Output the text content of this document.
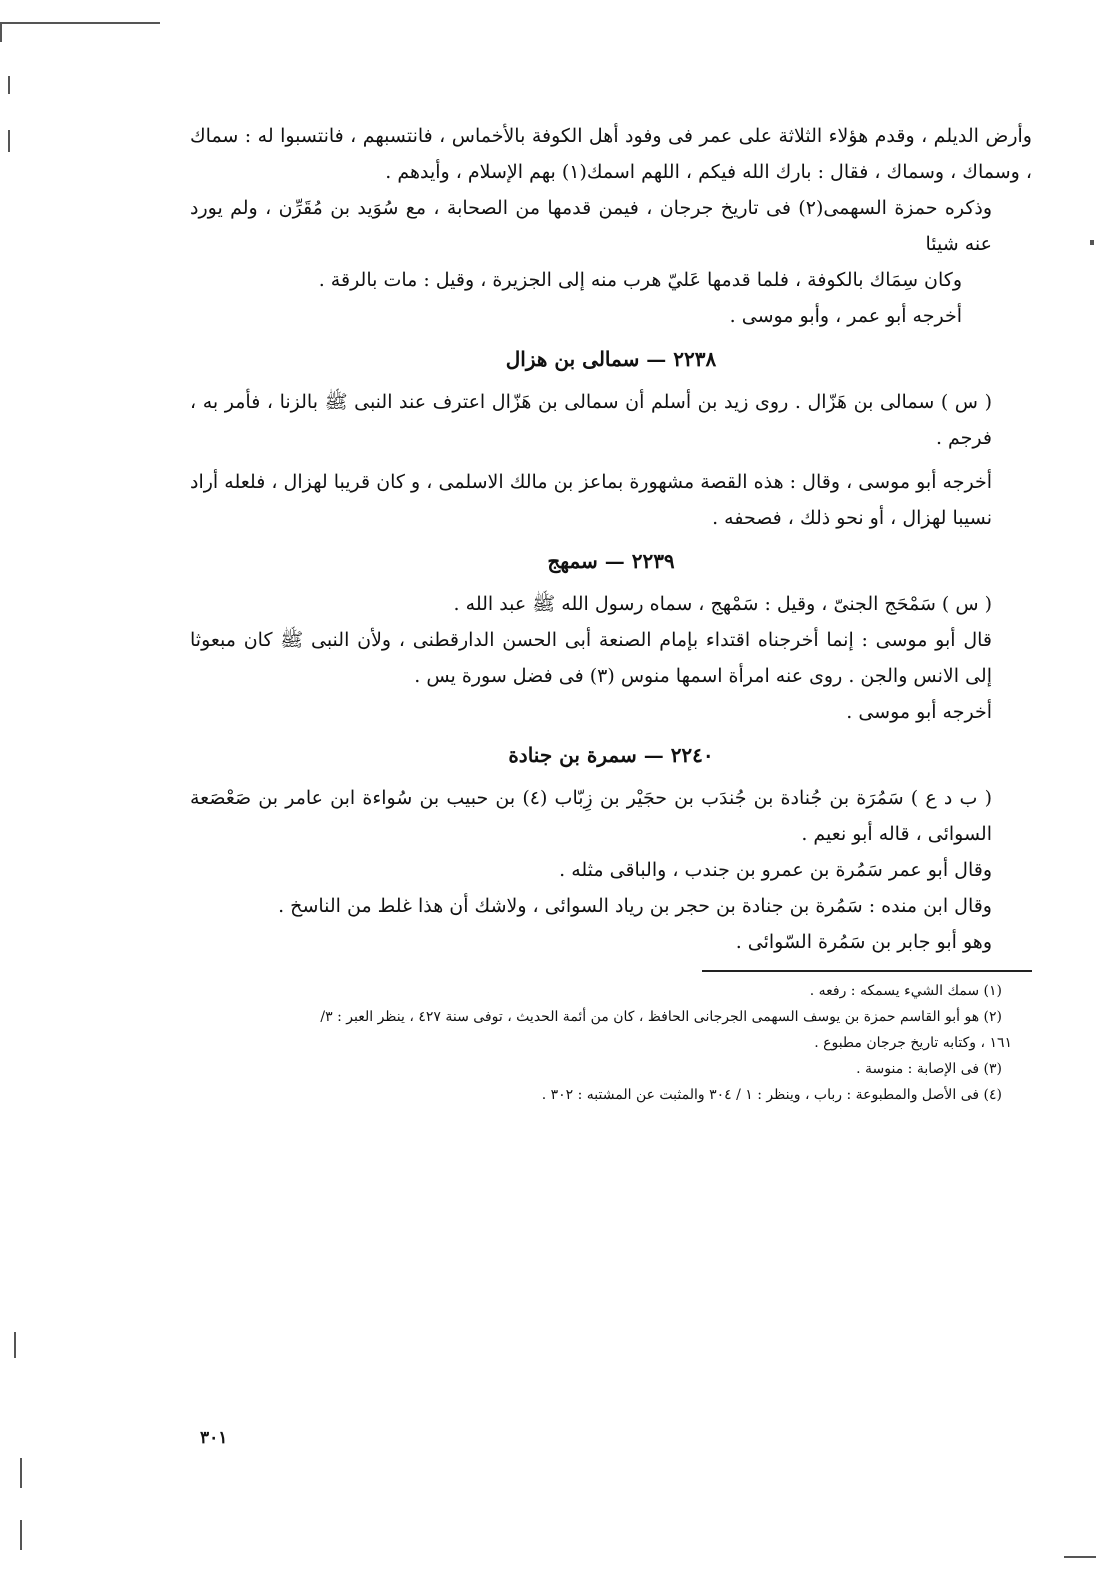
وأرض الديلم ، وقدم هؤلاء الثلاثة على عمر فى وفود أهل الكوفة بالأخماس ، فانتسبهم ، فانتسبوا له : سماك ، وسماك ، وسماك ، فقال : بارك الله فيكم ، اللهم اسمك(١) بهم الإسلام ، وأيدهم .

وذكره حمزة السهمى(٢) فى تاريخ جرجان ، فيمن قدمها من الصحابة ، مع سُوَيد بن مُقَرِّن ، ولم يورد عنه شيئا

وكان سِمَاك بالكوفة ، فلما قدمها عَليّ هرب منه إلى الجزيرة ، وقيل : مات بالرقة .

أخرجه أبو عمر ، وأبو موسى .

٢٢٣٨ — سمالى بن هزال

( س ) سمالى بن هَزّال . روى زيد بن أسلم أن سمالى بن هَزّال اعترف عند النبى ﷺ بالزنا ، فأمر به ، فرجم .

أخرجه أبو موسى ، وقال : هذه القصة مشهورة بماعز بن مالك الاسلمى ، و كان قريبا لهزال ، فلعله أراد نسيبا لهزال ، أو نحو ذلك ، فصحفه .

٢٢٣٩ — سمهج

( س ) سَمْحَج الجنىّ ، وقيل : سَمْهج ، سماه رسول الله ﷺ عبد الله .

قال أبو موسى : إنما أخرجناه اقتداء بإمام الصنعة أبى الحسن الدارقطنى ، ولأن النبى ﷺ كان مبعوثا إلى الانس والجن . روى عنه امرأة اسمها منوس (٣) فى فضل سورة يس .

أخرجه أبو موسى .

٢٢٤٠ — سمرة بن جنادة

( ب د ع ) سَمُرَة بن جُنادة بن جُندَب بن حجَيْر بن زِبّاب (٤) بن حبيب بن سُواءة ابن عامر بن صَعْصَعة السوائى ، قاله أبو نعيم .

وقال أبو عمر سَمُرة بن عمرو بن جندب ، والباقى مثله .

وقال ابن منده : سَمُرة بن جنادة بن حجر بن رياد السوائى ، ولاشك أن هذا غلط من الناسخ .

وهو أبو جابر بن سَمُرة السّوائى .

(١) سمك الشيء يسمكه : رفعه .

(٢) هو أبو القاسم حمزة بن يوسف السهمى الجرجانى الحافظ ، كان من أئمة الحديث ، توفى سنة ٤٢٧ ، ينظر العبر : ٣/

١٦١ ، وكتابه تاريخ جرجان مطبوع .

(٣) فى الإصابة : منوسة .

(٤) فى الأصل والمطبوعة : رباب ، وينظر : ١ / ٣٠٤ والمثبت عن المشتبه : ٣٠٢ .

٣٠١
